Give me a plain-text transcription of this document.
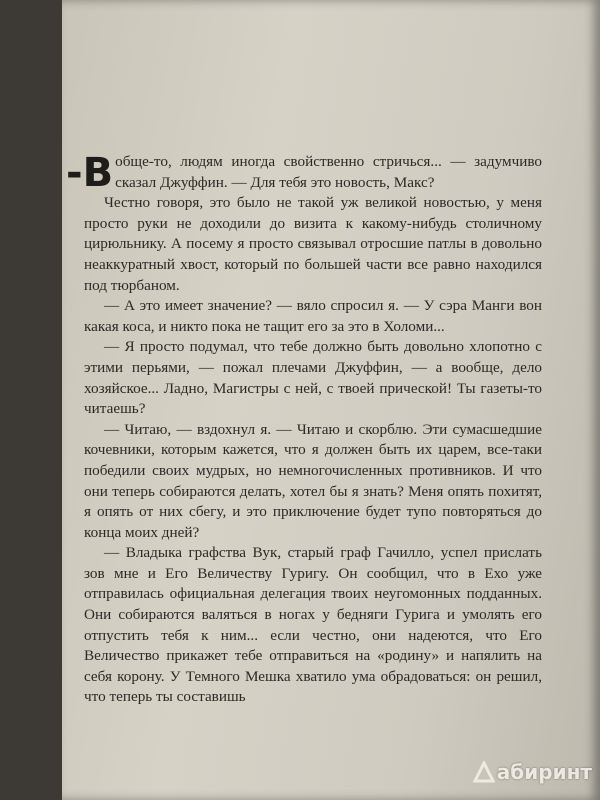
-В обще-то, людям иногда свойственно стричься... — задумчиво сказал Джуффин. — Для тебя это новость, Макс?

Честно говоря, это было не такой уж великой новостью, у меня просто руки не доходили до визита к какому-нибудь столичному цирюльнику. А посему я просто связывал отросшие патлы в довольно неаккуратный хвост, который по большей части все равно находился под тюрбаном.

— А это имеет значение? — вяло спросил я. — У сэра Манги вон какая коса, и никто пока не тащит его за это в Холоми...

— Я просто подумал, что тебе должно быть довольно хлопотно с этими перьями, — пожал плечами Джуффин, — а вообще, дело хозяйское... Ладно, Магистры с ней, с твоей прической! Ты газеты-то читаешь?

— Читаю, — вздохнул я. — Читаю и скорблю. Эти сумасшедшие кочевники, которым кажется, что я должен быть их царем, все-таки победили своих мудрых, но немногочисленных противников. И что они теперь собираются делать, хотел бы я знать? Меня опять похитят, я опять от них сбегу, и это приключение будет тупо повторяться до конца моих дней?

— Владыка графства Вук, старый граф Гачилло, успел прислать зов мне и Его Величеству Гуригу. Он сообщил, что в Ехо уже отправилась официальная делегация твоих неугомонных подданных. Они собираются валяться в ногах у бедняги Гурига и умолять его отпустить тебя к ним... если честно, они надеются, что Его Величество прикажет тебе отправиться на «родину» и напялить на себя корону. У Темного Мешка хватило ума обрадоваться: он решил, что теперь ты составишь

абиринт
